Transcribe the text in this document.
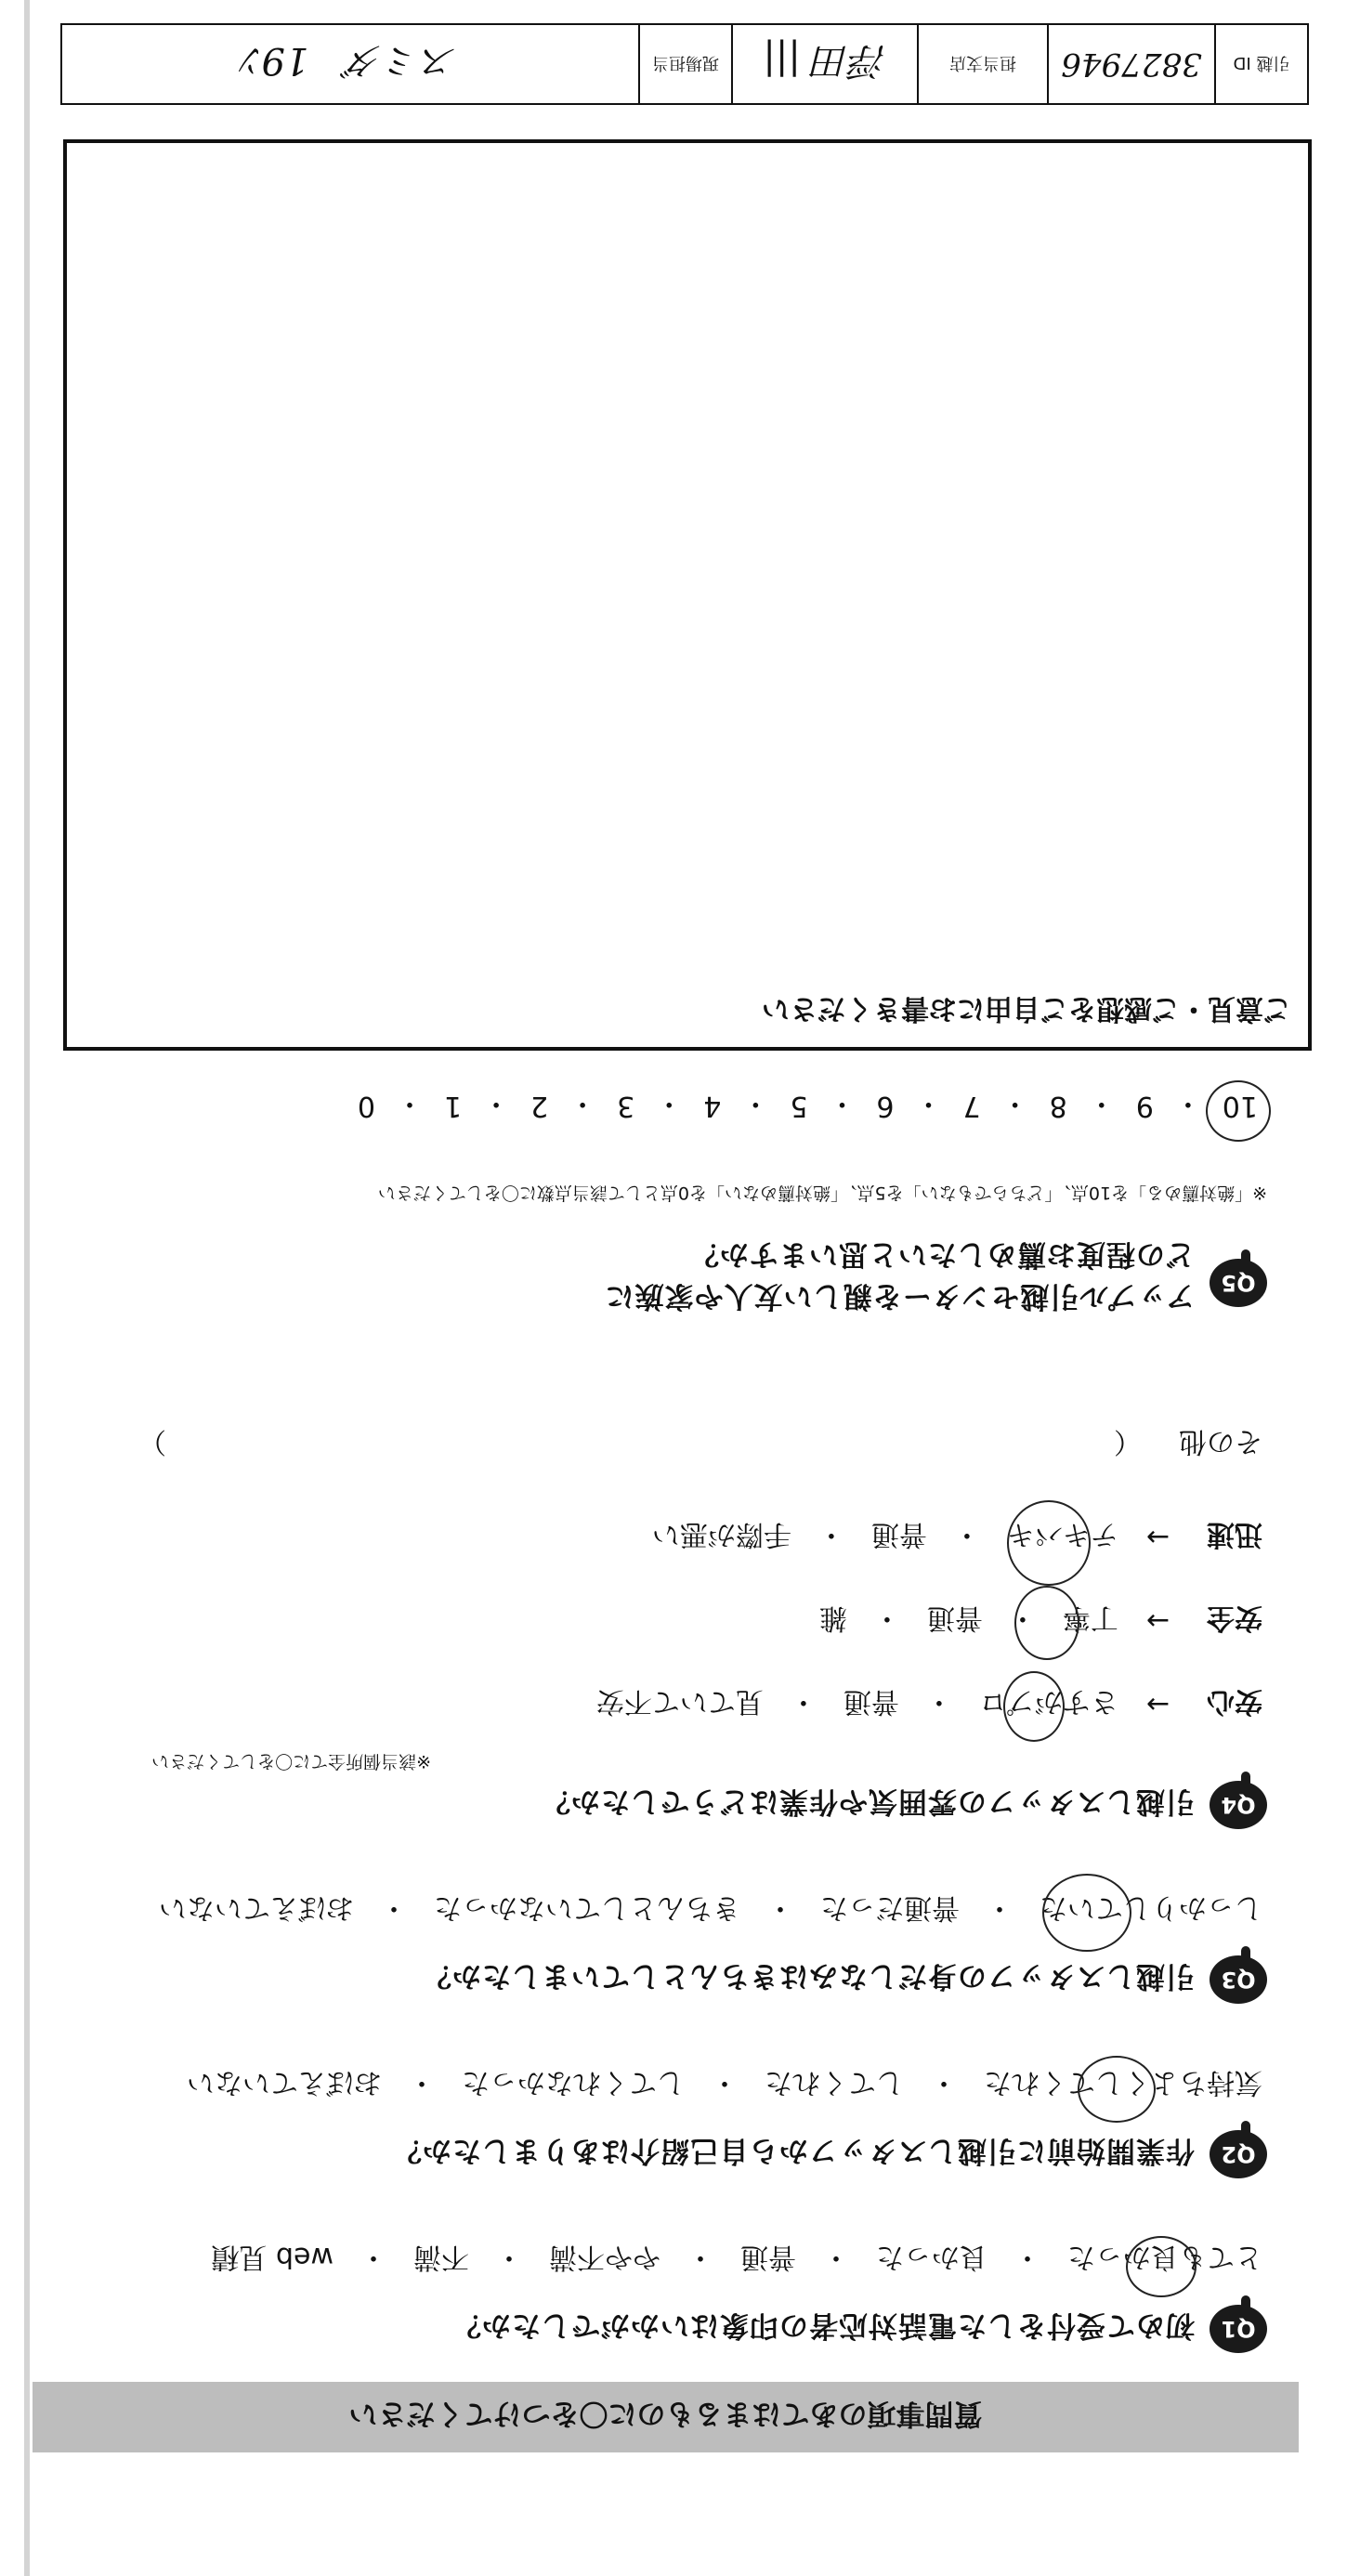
質問事項のあてはまるものに〇をつけてください
Q1
初めて受付をした電話対応者の印象はいかがでしたか？
とても良かった
・
良かった
・
普通
・
やや不満
・
不満
・
web 見積
Q2
作業開始前に引越しスタッフから自己紹介はありましたか？
気持ちよくしてくれた
・
してくれた
・
してくれなかった
・
おぼえていない
Q3
引越しスタッフの身だしなみはきちんとしていましたか？
しっかりしていた
・
普通だった
・
きちんとしていなかった
・
おぼえていない
Q4
引越しスタッフの雰囲気や作業はどうでしたか？
※該当個所全てに〇をしてください
安心
→
さすがプロ
・
普通
・
見ていて不安
安全
→
丁寧
・
普通
・
雑
迅速
→
テキパキ
・
普通
・
手際が悪い
その他
（
）
Q5
アップル引越センターを親しい友人や家族に
どの程度お薦めしたいと思いますか？
※「絶対薦める」を10点、「どちらでもない」を5点、「絶対薦めない」を0点として該当点数に〇をしてください
10
・
9
・
8
・
7
・
6
・
5
・
4
・
3
・
2
・
1
・
0
ご意見・ご感想をご自由にお書きください
引越 ID
3827946
担当支店
浮田 |||
現場担当
スミダ　19ﾝ
